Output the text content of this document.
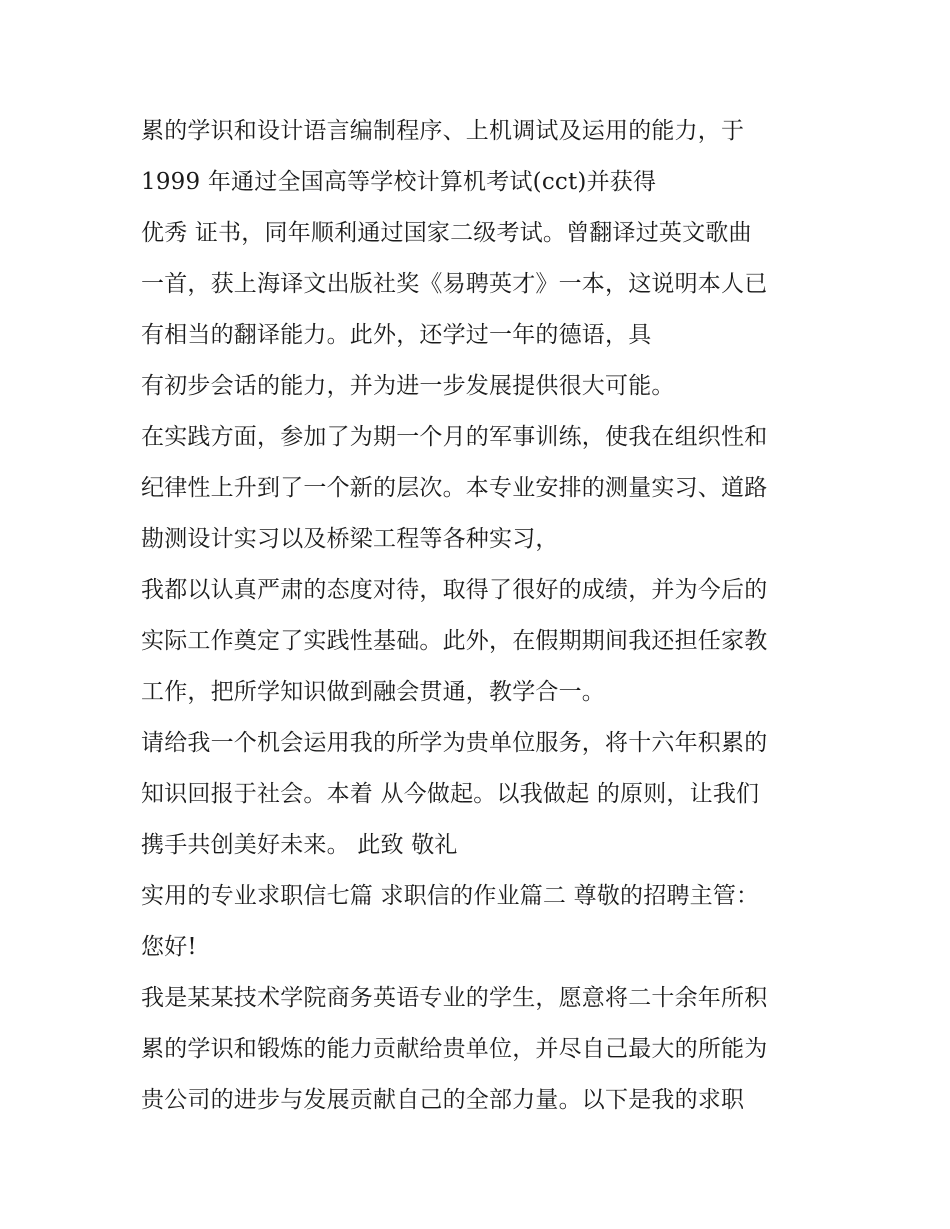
累的学识和设计语言编制程序、上机调试及运用的能力，于
1999 年通过全国高等学校计算机考试(cct)并获得
优秀 证书，同年顺利通过国家二级考试。曾翻译过英文歌曲
一首，获上海译文出版社奖《易聘英才》一本，这说明本人已
有相当的翻译能力。此外，还学过一年的德语，具
有初步会话的能力，并为进一步发展提供很大可能。
在实践方面，参加了为期一个月的军事训练，使我在组织性和
纪律性上升到了一个新的层次。本专业安排的测量实习、道路
勘测设计实习以及桥梁工程等各种实习，
我都以认真严肃的态度对待，取得了很好的成绩，并为今后的
实际工作奠定了实践性基础。此外，在假期期间我还担任家教
工作，把所学知识做到融会贯通，教学合一。
请给我一个机会运用我的所学为贵单位服务，将十六年积累的
知识回报于社会。本着 从今做起。以我做起 的原则，让我们
携手共创美好未来。 此致 敬礼
实用的专业求职信七篇 求职信的作业篇二 尊敬的招聘主管：
您好!
我是某某技术学院商务英语专业的学生，愿意将二十余年所积
累的学识和锻炼的能力贡献给贵单位，并尽自己最大的所能为
贵公司的进步与发展贡献自己的全部力量。以下是我的求职
